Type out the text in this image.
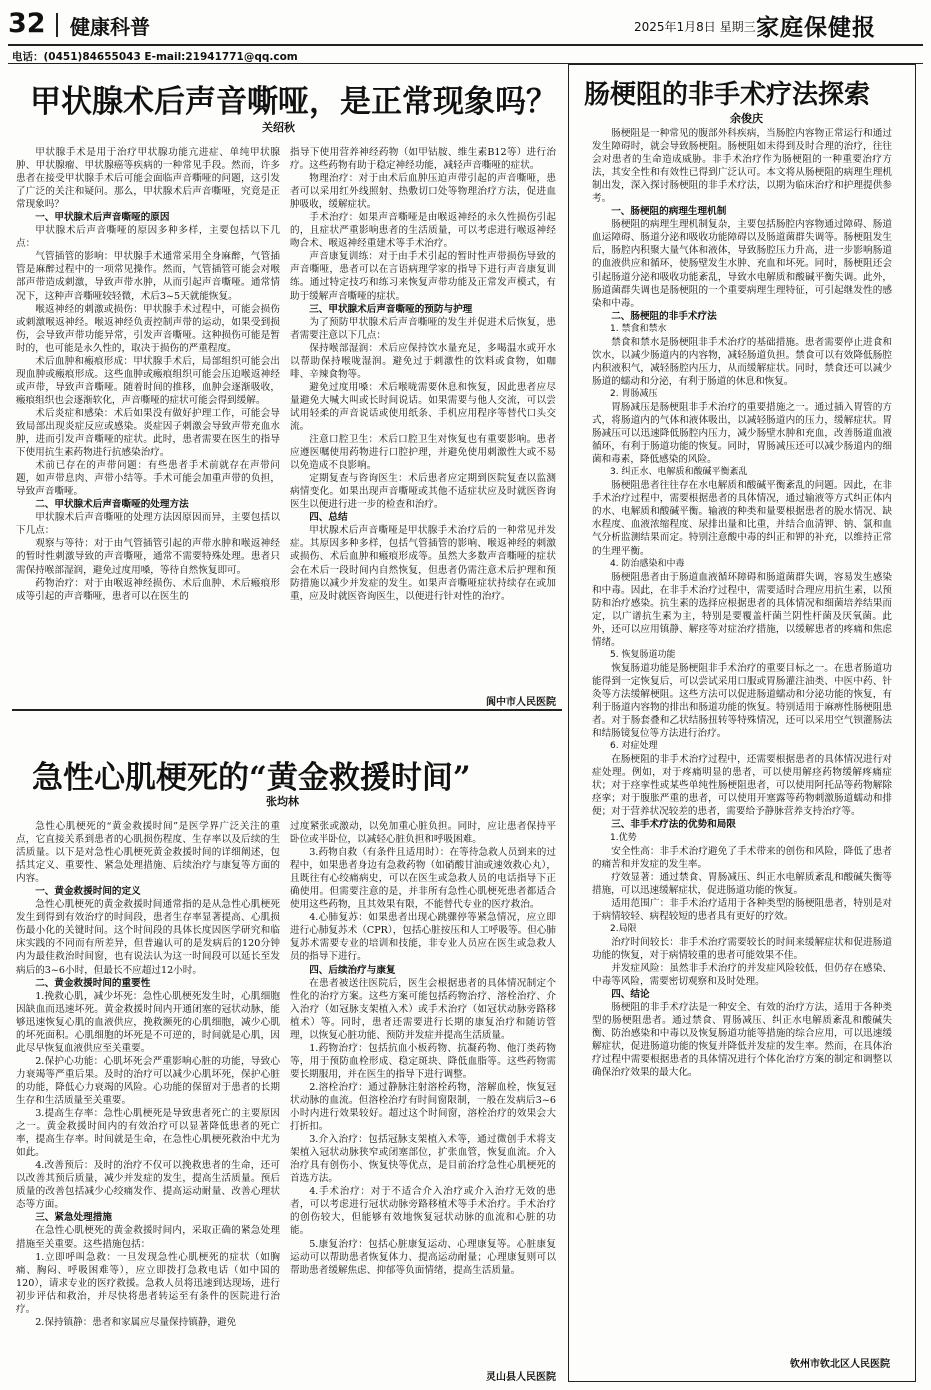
32 健康科普	2025年1月8日 星期三 家庭保健报
电话：(0451)84655043 E-mail:21941771@qq.com
甲状腺术后声音嘶哑，是正常现象吗？
关绍秋

甲状腺手术是用于治疗甲状腺功能亢进症、单纯甲状腺肿、甲状腺瘤、甲状腺癌等疾病的一种常见手段。然而，许多患者在接受甲状腺手术后可能会面临声音嘶哑的问题，这引发了广泛的关注和疑问。那么，甲状腺术后声音嘶哑，究竟是正常现象吗？

一、甲状腺术后声音嘶哑的原因

甲状腺术后声音嘶哑的原因多种多样，主要包括以下几点：

气管插管的影响：甲状腺手术通常采用全身麻醉，气管插管是麻醉过程中的一项常见操作。然而，气管插管可能会对喉部声带造成刺激，导致声带水肿，从而引起声音嘶哑。通常情况下，这种声音嘶哑较轻微，术后3~5天就能恢复。

喉返神经的刺激或损伤：甲状腺手术过程中，可能会损伤或刺激喉返神经。喉返神经负责控制声带的运动，如果受到损伤，会导致声带功能异常，引发声音嘶哑。这种损伤可能是暂时的，也可能是永久性的，取决于损伤的严重程度。

术后血肿和瘢痕形成：甲状腺手术后，局部组织可能会出现血肿或瘢痕形成。这些血肿或瘢痕组织可能会压迫喉返神经或声带，导致声音嘶哑。随着时间的推移，血肿会逐渐吸收，瘢痕组织也会逐渐软化，声音嘶哑的症状可能会得到缓解。

术后炎症和感染：术后如果没有做好护理工作，可能会导致局部出现炎症反应或感染。炎症因子刺激会导致声带充血水肿，进而引发声音嘶哑的症状。此时，患者需要在医生的指导下使用抗生素药物进行抗感染治疗。

术前已存在的声带问题：有些患者手术前就存在声带问题，如声带息肉、声带小结等。手术可能会加重声带的负担，导致声音嘶哑。

二、甲状腺术后声音嘶哑的处理方法

甲状腺术后声音嘶哑的处理方法因原因而异，主要包括以下几点：

观察与等待：对于由气管插管引起的声带水肿和喉返神经的暂时性刺激导致的声音嘶哑，通常不需要特殊处理。患者只需保持喉部湿润，避免过度用嗓，等待自然恢复即可。

药物治疗：对于由喉返神经损伤、术后血肿、术后瘢痕形成等引起的声音嘶哑，患者可以在医生的

指导下使用营养神经药物（如甲钴胺、维生素B12等）进行治疗。这些药物有助于稳定神经功能，减轻声音嘶哑的症状。

物理治疗：对于由术后血肿压迫声带引起的声音嘶哑，患者可以采用红外线照射、热敷切口处等物理治疗方法，促进血肿吸收，缓解症状。

手术治疗：如果声音嘶哑是由喉返神经的永久性损伤引起的，且症状严重影响患者的生活质量，可以考虑进行喉返神经吻合术、喉返神经重建术等手术治疗。

声音康复训练：对于由手术引起的暂时性声带损伤导致的声音嘶哑，患者可以在言语病理学家的指导下进行声音康复训练。通过特定技巧和练习来恢复声带功能及正常发声模式，有助于缓解声音嘶哑的症状。

三、甲状腺术后声音嘶哑的预防与护理

为了预防甲状腺术后声音嘶哑的发生并促进术后恢复，患者需要注意以下几点：

保持喉部湿润：术后应保持饮水量充足，多喝温水或开水以帮助保持喉咙湿润。避免过于刺激性的饮料或食物，如咖啡、辛辣食物等。

避免过度用嗓：术后喉咙需要休息和恢复，因此患者应尽量避免大喊大叫或长时间说话。如果需要与他人交流，可以尝试用轻柔的声音说话或使用纸条、手机应用程序等替代口头交流。

注意口腔卫生：术后口腔卫生对恢复也有重要影响。患者应遵医嘱使用药物进行口腔护理，并避免使用刺激性大或不易以免造成不良影响。

定期复查与咨询医生：术后患者应定期到医院复查以监测病情变化。如果出现声音嘶哑或其他不适症状应及时就医咨询医生以便进行进一步的检查和治疗。

四、总结

甲状腺术后声音嘶哑是甲状腺手术治疗后的一种常见并发症。其原因多种多样，包括气管插管的影响、喉返神经的刺激或损伤、术后血肿和瘢痕形成等。虽然大多数声音嘶哑的症状会在术后一段时间内自然恢复，但患者仍需注意术后护理和预防措施以减少并发症的发生。如果声音嘶哑症状持续存在或加重，应及时就医咨询医生，以便进行针对性的治疗。

阆中市人民医院
急性心肌梗死的“黄金救援时间”
张均林

急性心肌梗死的“黄金救援时间”是医学界广泛关注的重点，它直接关系到患者的心肌损伤程度、生存率以及后续的生活质量。以下是对急性心肌梗死黄金救援时间的详细阐述，包括其定义、重要性、紧急处理措施、后续治疗与康复等方面的内容。

一、黄金救援时间的定义

急性心肌梗死的黄金救援时间通常指的是从急性心肌梗死发生到得到有效治疗的时间段，患者生存率显著提高、心肌损伤最小化的关键时间。这个时间段的具体长度因医学研究和临床实践的不同而有所差异，但普遍认可的是发病后的120分钟内为最佳救治时间窗，也有说法认为这一时间段可以延长至发病后的3~6小时，但最长不应超过12小时。

二、黄金救援时间的重要性

1.挽救心肌，减少坏死：急性心肌梗死发生时，心肌细胞因缺血而迅速坏死。黄金救援时间内开通闭塞的冠状动脉，能够迅速恢复心肌的血液供应，挽救濒死的心肌细胞，减少心肌的坏死面积。心肌细胞的坏死是不可逆的，时间就是心肌，因此尽早恢复血液供应至关重要。

2.保护心功能：心肌坏死会严重影响心脏的功能，导致心力衰竭等严重后果。及时的治疗可以减少心肌坏死，保护心脏的功能，降低心力衰竭的风险。心功能的保留对于患者的长期生存和生活质量至关重要。

3.提高生存率：急性心肌梗死是导致患者死亡的主要原因之一。黄金救援时间内的有效治疗可以显著降低患者的死亡率，提高生存率。时间就是生命，在急性心肌梗死救治中尤为如此。

4.改善预后：及时的治疗不仅可以挽救患者的生命，还可以改善其预后质量，减少并发症的发生，提高生活质量。预后质量的改善包括减少心绞痛发作、提高运动耐量、改善心理状态等方面。

三、紧急处理措施

在急性心肌梗死的黄金救援时间内，采取正确的紧急处理措施至关重要。这些措施包括：

1.立即呼叫急救：一旦发现急性心肌梗死的症状（如胸痛、胸闷、呼吸困难等），应立即拨打急救电话（如中国的120），请求专业的医疗救援。急救人员将迅速到达现场，进行初步评估和救治，并尽快将患者转运至有条件的医院进行治疗。

2.保持镇静：患者和家属应尽量保持镇静，避免

过度紧张或激动，以免加重心脏负担。同时，应让患者保持平卧位或半卧位，以减轻心脏负担和呼吸困难。

3.药物自救（有条件且适用时）：在等待急救人员到来的过程中，如果患者身边有急救药物（如硝酸甘油或速效救心丸），且既往有心绞痛病史，可以在医生或急救人员的电话指导下正确使用。但需要注意的是，并非所有急性心肌梗死患者都适合使用这些药物，且其效果有限，不能替代专业的医疗救治。

4.心肺复苏：如果患者出现心跳骤停等紧急情况，应立即进行心肺复苏术（CPR），包括心脏按压和人工呼吸等。但心肺复苏术需要专业的培训和技能，非专业人员应在医生或急救人员的指导下进行。

四、后续治疗与康复

在患者被送往医院后，医生会根据患者的具体情况制定个性化的治疗方案。这些方案可能包括药物治疗、溶栓治疗、介入治疗（如冠脉支架植入术）或手术治疗（如冠状动脉旁路移植术）等。同时，患者还需要进行长期的康复治疗和随访管理，以恢复心脏功能、预防并发症并提高生活质量。

1.药物治疗：包括抗血小板药物、抗凝药物、他汀类药物等，用于预防血栓形成、稳定斑块、降低血脂等。这些药物需要长期服用，并在医生的指导下进行调整。

2.溶栓治疗：通过静脉注射溶栓药物，溶解血栓，恢复冠状动脉的血流。但溶栓治疗有时间窗限制，一般在发病后3~6小时内进行效果较好。超过这个时间窗，溶栓治疗的效果会大打折扣。

3.介入治疗：包括冠脉支架植入术等，通过微创手术将支架植入冠状动脉狭窄或闭塞部位，扩张血管，恢复血流。介入治疗具有创伤小、恢复快等优点，是目前治疗急性心肌梗死的首选方法。

4.手术治疗：对于不适合介入治疗或介入治疗无效的患者，可以考虑进行冠状动脉旁路移植术等手术治疗。手术治疗的创伤较大，但能够有效地恢复冠状动脉的血流和心脏的功能。

5.康复治疗：包括心脏康复运动、心理康复等。心脏康复运动可以帮助患者恢复体力、提高运动耐量；心理康复则可以帮助患者缓解焦虑、抑郁等负面情绪，提高生活质量。

灵山县人民医院
肠梗阻的非手术疗法探索
余俊庆

肠梗阻是一种常见的腹部外科疾病，当肠腔内容物正常运行和通过发生障碍时，就会导致肠梗阻。肠梗阻如未得到及时合理的治疗，往往会对患者的生命造成威胁。非手术治疗作为肠梗阻的一种重要治疗方法，其安全性和有效性已得到广泛认可。本文将从肠梗阻的病理生理机制出发，深入探讨肠梗阻的非手术疗法，以期为临床治疗和护理提供参考。

一、肠梗阻的病理生理机制

肠梗阻的病理生理机制复杂，主要包括肠腔内容物通过障碍、肠道血运障碍、肠道分泌和吸收功能障碍以及肠道菌群失调等。肠梗阻发生后，肠腔内积聚大量气体和液体，导致肠腔压力升高，进一步影响肠道的血液供应和循环，使肠壁发生水肿、充血和坏死。同时，肠梗阻还会引起肠道分泌和吸收功能紊乱，导致水电解质和酸碱平衡失调。此外，肠道菌群失调也是肠梗阻的一个重要病理生理特征，可引起继发性的感染和中毒。

二、肠梗阻的非手术疗法

1. 禁食和禁水

禁食和禁水是肠梗阻非手术治疗的基础措施。患者需要停止进食和饮水，以减少肠道内的内容物，减轻肠道负担。禁食可以有效降低肠腔内积液积气，减轻肠腔内压力，从而缓解症状。同时，禁食还可以减少肠道的蠕动和分泌，有利于肠道的休息和恢复。

2. 胃肠减压

胃肠减压是肠梗阻非手术治疗的重要措施之一。通过插入胃管的方式，将肠道内的气体和液体吸出，以减轻肠道内的压力，缓解症状。胃肠减压可以迅速降低肠腔内压力，减少肠壁水肿和充血，改善肠道血液循环，有利于肠道功能的恢复。同时，胃肠减压还可以减少肠道内的细菌和毒素，降低感染的风险。

3. 纠正水、电解质和酸碱平衡紊乱

肠梗阻患者往往存在水电解质和酸碱平衡紊乱的问题。因此，在非手术治疗过程中，需要根据患者的具体情况，通过输液等方式纠正体内的水、电解质和酸碱平衡。输液的种类和量要根据患者的脱水情况、缺水程度、血液浓缩程度、尿排出量和比重，并结合血清钾、钠、氯和血气分析监测结果而定。特别注意酸中毒的纠正和钾的补充，以维持正常的生理平衡。

4. 防治感染和中毒

肠梗阻患者由于肠道血液循环障碍和肠道菌群失调，容易发生感染和中毒。因此，在非手术治疗过程中，需要适时合理应用抗生素，以预防和治疗感染。抗生素的选择应根据患者的具体情况和细菌培养结果而定，以广谱抗生素为主，特别是要覆盖杆菌兰阴性杆菌及厌氧菌。此外，还可以应用镇静、解痉等对症治疗措施，以缓解患者的疼痛和焦虑情绪。

5. 恢复肠道功能

恢复肠道功能是肠梗阻非手术治疗的重要目标之一。在患者肠道功能得到一定恢复后，可以尝试采用口服或胃肠灌注油类、中医中药、针灸等方法缓解梗阻。这些方法可以促进肠道蠕动和分泌功能的恢复，有利于肠道内容物的排出和肠道功能的恢复。特别适用于麻痹性肠梗阻患者。对于肠套叠和乙状结肠扭转等特殊情况，还可以采用空气钡灌肠法和结肠镜复位等方法进行治疗。

6. 对症处理

在肠梗阻的非手术治疗过程中，还需要根据患者的具体情况进行对症处理。例如，对于疼痛明显的患者，可以使用解痉药物缓解疼痛症状；对于痉挛性或某些单纯性肠梗阻患者，可以使用阿托品等药物解除痉挛；对于腹胀严重的患者，可以使用开塞露等药物刺激肠道蠕动和排便；对于营养状况较差的患者，需要给予静脉营养支持治疗等。

三、非手术疗法的优势和局限

1.优势

安全性高：非手术治疗避免了手术带来的创伤和风险，降低了患者的痛苦和并发症的发生率。

疗效显著：通过禁食、胃肠减压、纠正水电解质紊乱和酸碱失衡等措施，可以迅速缓解症状，促进肠道功能的恢复。

适用范围广：非手术治疗适用于各种类型的肠梗阻患者，特别是对于病情较轻、病程较短的患者具有更好的疗效。

2.局限

治疗时间较长：非手术治疗需要较长的时间来缓解症状和促进肠道功能的恢复，对于病情较重的患者可能效果不佳。

并发症风险：虽然非手术治疗的并发症风险较低，但仍存在感染、中毒等风险，需要密切观察和及时处理。

四、结论

肠梗阻的非手术疗法是一种安全、有效的治疗方法，适用于各种类型的肠梗阻患者。通过禁食、胃肠减压、纠正水电解质紊乱和酸碱失衡、防治感染和中毒以及恢复肠道功能等措施的综合应用，可以迅速缓解症状，促进肠道功能的恢复并降低并发症的发生率。然而，在具体治疗过程中需要根据患者的具体情况进行个体化治疗方案的制定和调整以确保治疗效果的最大化。

钦州市钦北区人民医院
